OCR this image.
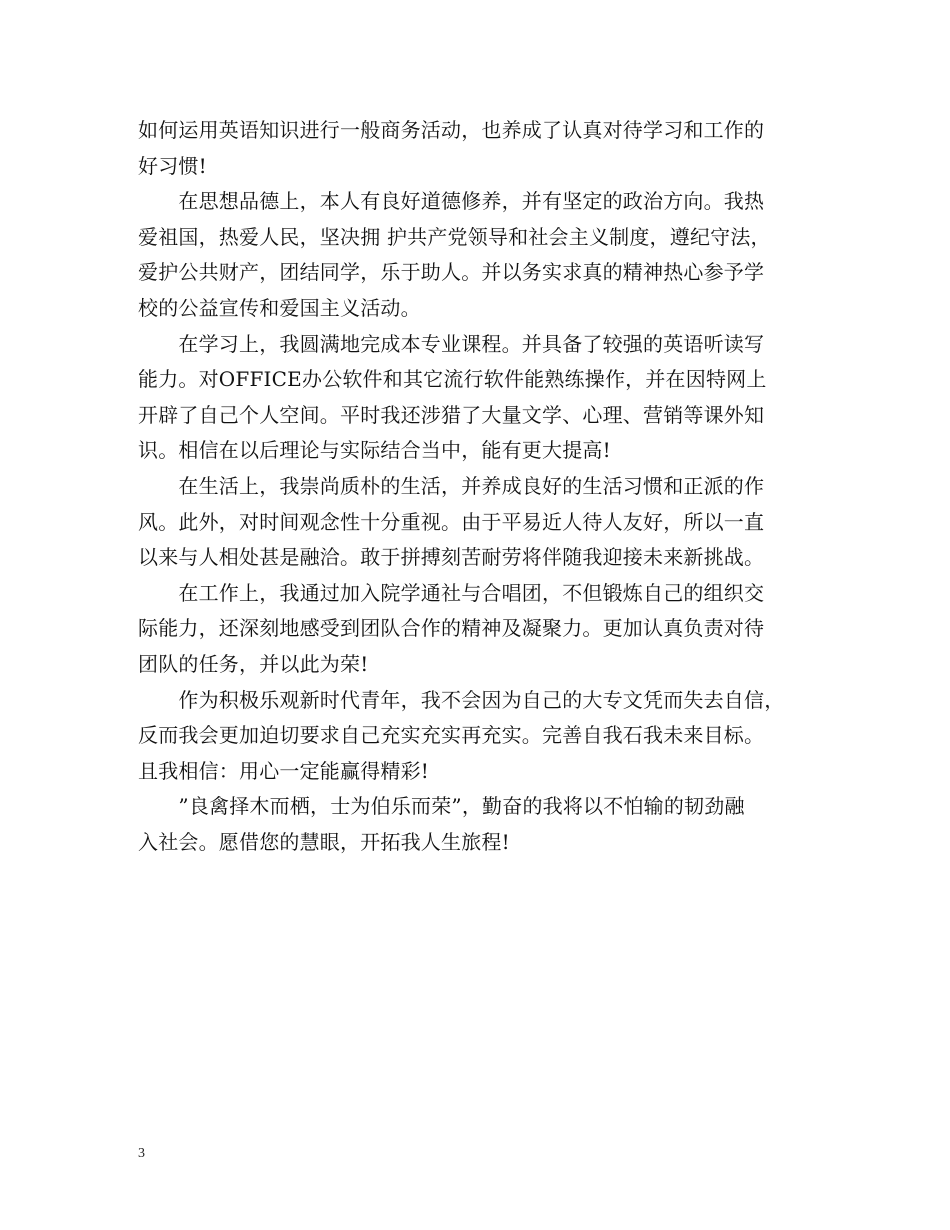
如何运用英语知识进行一般商务活动，也养成了认真对待学习和工作的
好习惯!
　　在思想品德上，本人有良好道德修养，并有坚定的政治方向。我热
爱祖国，热爱人民，坚决拥 护共产党领导和社会主义制度，遵纪守法，
爱护公共财产，团结同学，乐于助人。并以务实求真的精神热心参予学
校的公益宣传和爱国主义活动。
　　在学习上，我圆满地完成本专业课程。并具备了较强的英语听读写
能力。对OFFICE办公软件和其它流行软件能熟练操作，并在因特网上
开辟了自己个人空间。平时我还涉猎了大量文学、心理、营销等课外知
识。相信在以后理论与实际结合当中，能有更大提高!
　　在生活上，我崇尚质朴的生活，并养成良好的生活习惯和正派的作
风。此外，对时间观念性十分重视。由于平易近人待人友好，所以一直
以来与人相处甚是融洽。敢于拼搏刻苦耐劳将伴随我迎接未来新挑战。
　　在工作上，我通过加入院学通社与合唱团，不但锻炼自己的组织交
际能力，还深刻地感受到团队合作的精神及凝聚力。更加认真负责对待
团队的任务，并以此为荣!
　　作为积极乐观新时代青年，我不会因为自己的大专文凭而失去自信，
反而我会更加迫切要求自己充实充实再充实。完善自我石我未来目标。
且我相信：用心一定能赢得精彩!
　　”良禽择木而栖，士为伯乐而荣”，勤奋的我将以不怕输的韧劲融
入社会。愿借您的慧眼，开拓我人生旅程!
3
